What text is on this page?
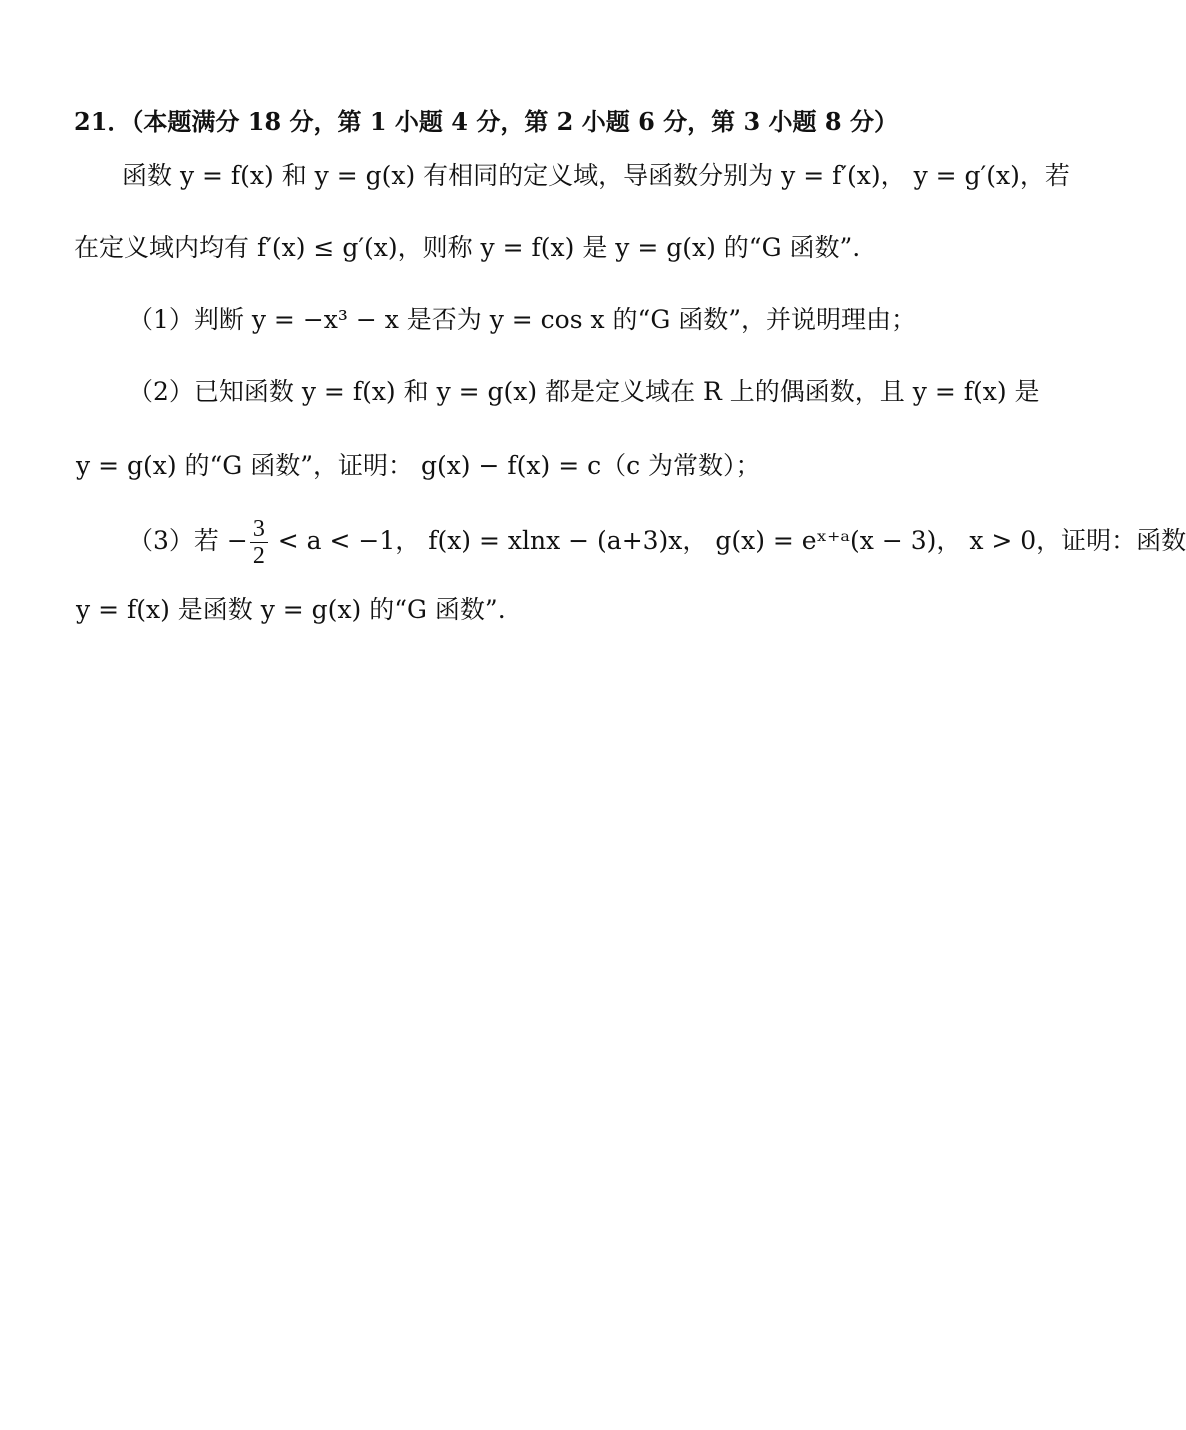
21．（本题满分 18 分，第 1 小题 4 分，第 2 小题 6 分，第 3 小题 8 分）
函数 y = f(x) 和 y = g(x) 有相同的定义域，导函数分别为 y = f′(x)， y = g′(x)，若
在定义域内均有 f′(x) ≤ g′(x)，则称 y = f(x) 是 y = g(x) 的“G 函数”.
（1）判断 y = −x³ − x 是否为 y = cos x 的“G 函数”，并说明理由；
（2）已知函数 y = f(x) 和 y = g(x) 都是定义域在 R 上的偶函数，且 y = f(x) 是
y = g(x) 的“G 函数”，证明： g(x) − f(x) = c（c 为常数）；
（3）若 − $\frac{3}{2} < a < -1$， f(x) = xlnx − (a+3)x， g(x) = eˣ⁺ᵃ(x − 3)， x > 0，证明：函数
y = f(x) 是函数 y = g(x) 的“G 函数”.
